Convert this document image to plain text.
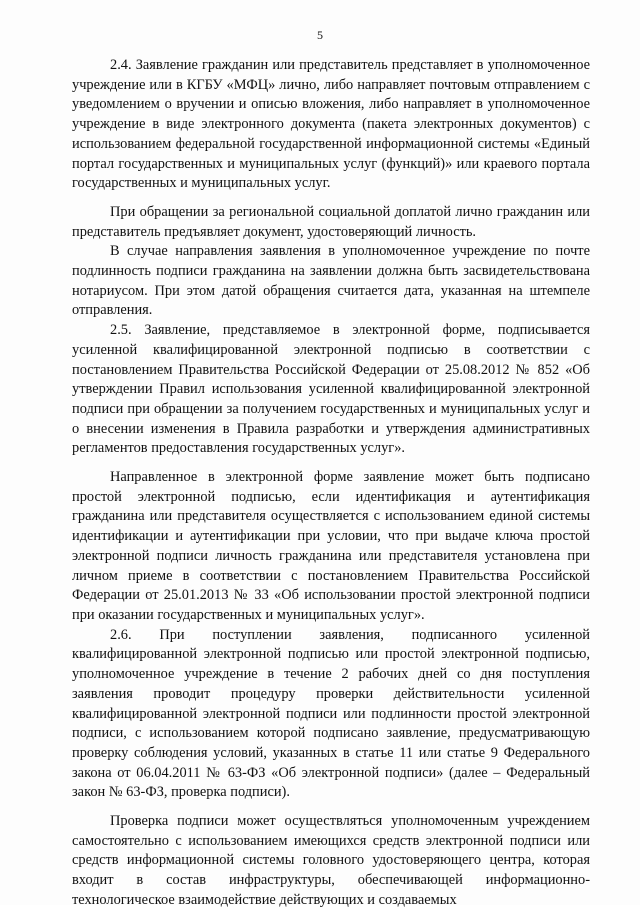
5

2.4. Заявление гражданин или представитель представляет в уполномоченное учреждение или в КГБУ «МФЦ» лично, либо направляет почтовым отправлением с уведомлением о вручении и описью вложения, либо направляет в уполномоченное учреждение в виде электронного документа (пакета электронных документов) с использованием федеральной государственной информационной системы «Единый портал государственных и муниципальных услуг (функций)» или краевого портала государственных и муниципальных услуг.

При обращении за региональной социальной доплатой лично гражданин или представитель предъявляет документ, удостоверяющий личность.

В случае направления заявления в уполномоченное учреждение по почте подлинность подписи гражданина на заявлении должна быть засвидетельствована нотариусом. При этом датой обращения считается дата, указанная на штемпеле отправления.

2.5. Заявление, представляемое в электронной форме, подписывается усиленной квалифицированной электронной подписью в соответствии с постановлением Правительства Российской Федерации от 25.08.2012 № 852 «Об утверждении Правил использования усиленной квалифицированной электронной подписи при обращении за получением государственных и муниципальных услуг и о внесении изменения в Правила разработки и утверждения административных регламентов предоставления государственных услуг».

Направленное в электронной форме заявление может быть подписано простой электронной подписью, если идентификация и аутентификация гражданина или представителя осуществляется с использованием единой системы идентификации и аутентификации при условии, что при выдаче ключа простой электронной подписи личность гражданина или представителя установлена при личном приеме в соответствии с постановлением Правительства Российской Федерации от 25.01.2013 № 33 «Об использовании простой электронной подписи при оказании государственных и муниципальных услуг».

2.6. При поступлении заявления, подписанного усиленной квалифицированной электронной подписью или простой электронной подписью, уполномоченное учреждение в течение 2 рабочих дней со дня поступления заявления проводит процедуру проверки действительности усиленной квалифицированной электронной подписи или подлинности простой электронной подписи, с использованием которой подписано заявление, предусматривающую проверку соблюдения условий, указанных в статье 11 или статье 9 Федерального закона от 06.04.2011 № 63-ФЗ «Об электронной подписи» (далее – Федеральный закон № 63-ФЗ, проверка подписи).

Проверка подписи может осуществляться уполномоченным учреждением самостоятельно с использованием имеющихся средств электронной подписи или средств информационной системы головного удостоверяющего центра, которая входит в состав инфраструктуры, обеспечивающей информационно-технологическое взаимодействие действующих и создаваемых
